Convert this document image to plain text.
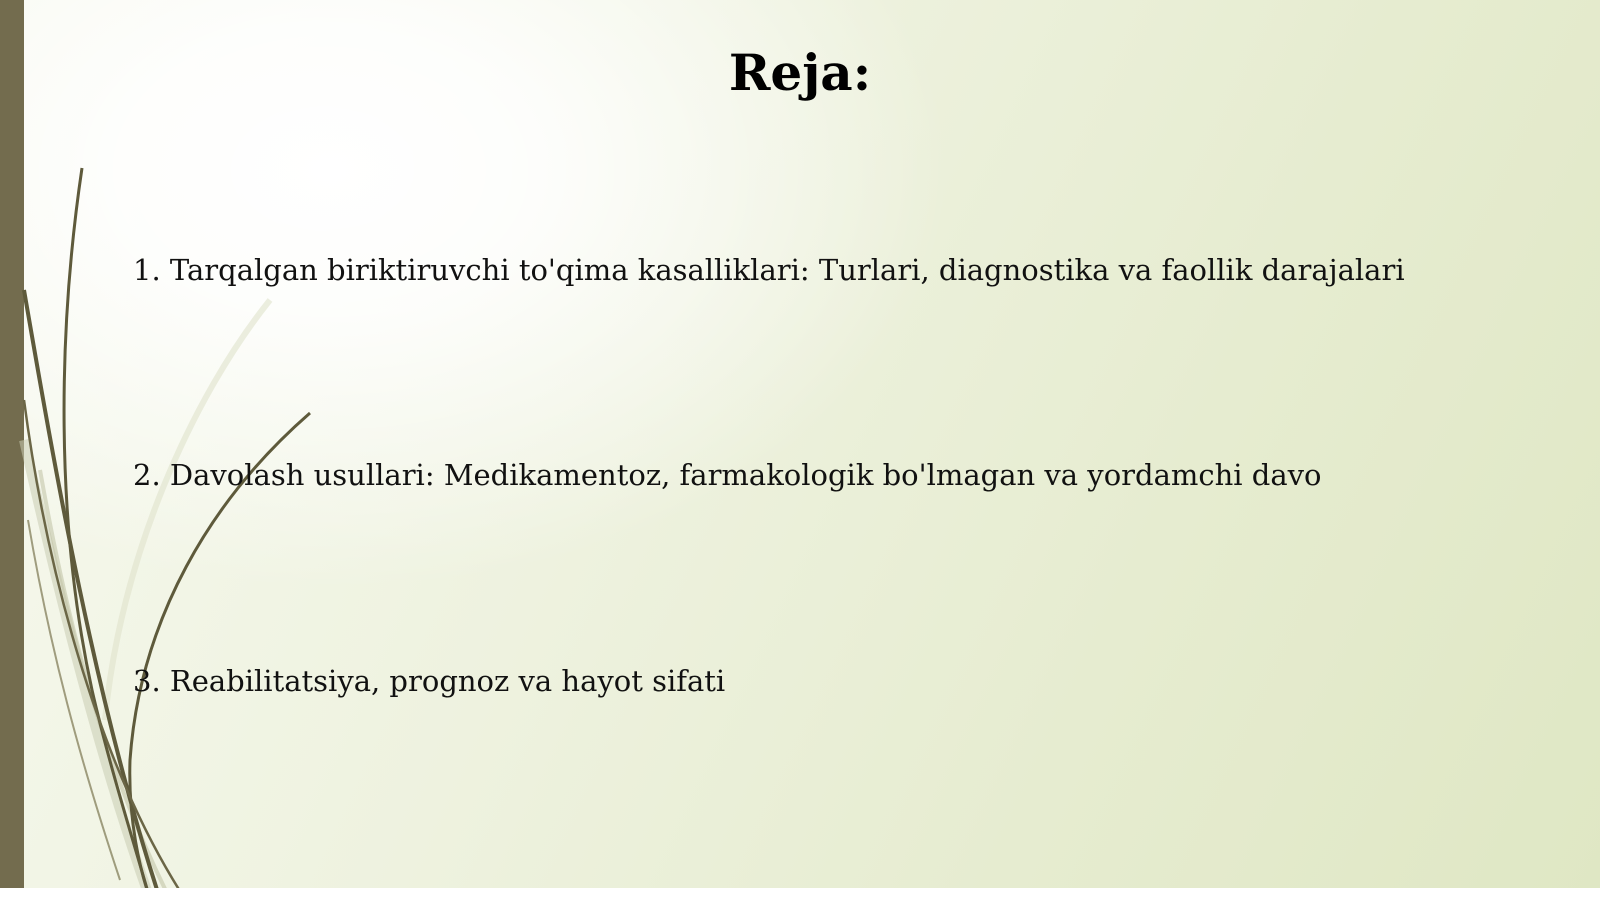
Reja:
1. Tarqalgan biriktiruvchi to'qima kasalliklari: Turlari, diagnostika va faollik darajalari
2. Davolash usullari: Medikamentoz, farmakologik bo'lmagan va yordamchi davo
3. Reabilitatsiya, prognoz va hayot sifati
